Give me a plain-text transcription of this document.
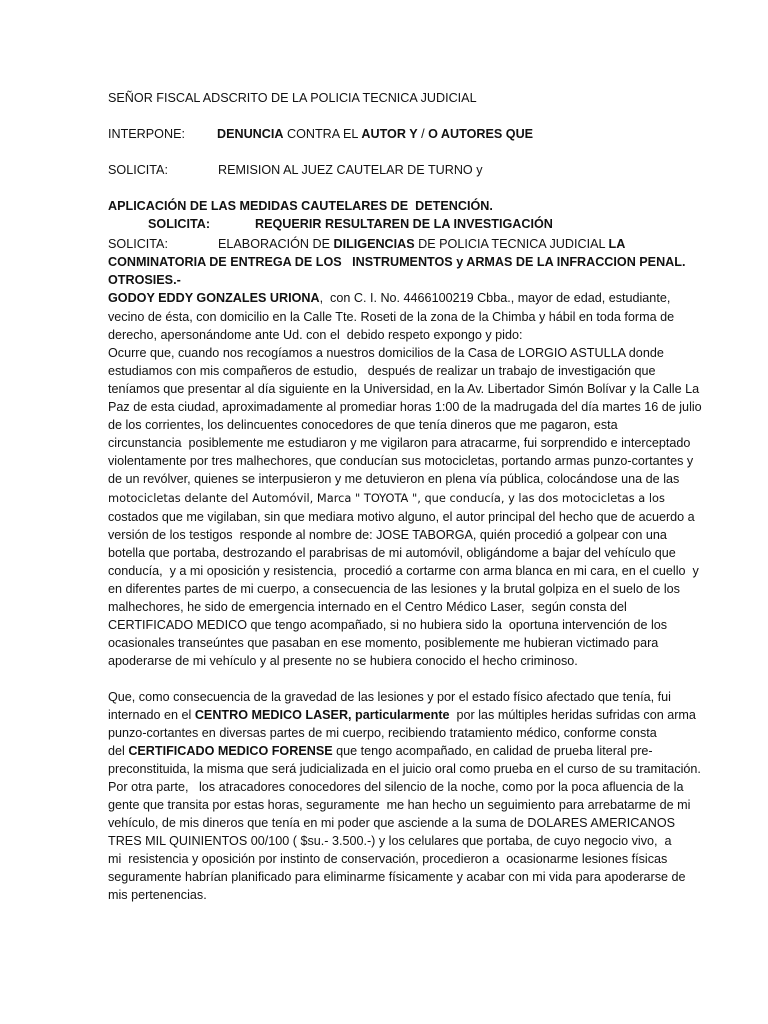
SEÑOR FISCAL ADSCRITO DE LA POLICIA TECNICA JUDICIAL
INTERPONE:	DENUNCIA CONTRA EL AUTOR Y / O AUTORES QUE
SOLICITA:	REMISION AL JUEZ CAUTELAR DE TURNO y
APLICACIÓN DE LAS MEDIDAS CAUTELARES DE  DETENCIÓN.
SOLICITA:	REQUERIR RESULTAREN DE LA INVESTIGACIÓN
SOLICITA:	ELABORACIÓN DE DILIGENCIAS DE POLICIA TECNICA JUDICIAL LA
CONMINATORIA DE ENTREGA DE LOS   INSTRUMENTOS y ARMAS DE LA INFRACCION PENAL.
OTROSIES.-
GODOY EDDY GONZALES URIONA,  con C. I. No. 4466100219 Cbba., mayor de edad, estudiante,
vecino de ésta, con domicilio en la Calle Tte. Roseti de la zona de la Chimba y hábil en toda forma de
derecho, apersonándome ante Ud. con el  debido respeto expongo y pido:
Ocurre que, cuando nos recogíamos a nuestros domicilios de la Casa de LORGIO ASTULLA donde
estudiamos con mis compañeros de estudio,   después de realizar un trabajo de investigación que
teníamos que presentar al día siguiente en la Universidad, en la Av. Libertador Simón Bolívar y la Calle La
Paz de esta ciudad, aproximadamente al promediar horas 1:00 de la madrugada del día martes 16 de julio
de los corrientes, los delincuentes conocedores de que tenía dineros que me pagaron, esta
circunstancia  posiblemente me estudiaron y me vigilaron para atracarme, fui sorprendido e interceptado
violentamente por tres malhechores, que conducían sus motocicletas, portando armas punzo-cortantes y
de un revólver, quienes se interpusieron y me detuvieron en plena vía pública, colocándose una de las
motocicletas delante del Automóvil, Marca " TOYOTA ", que conducía, y las dos motocicletas a los
costados que me vigilaban, sin que mediara motivo alguno, el autor principal del hecho que de acuerdo a
versión de los testigos  responde al nombre de: JOSE TABORGA, quién procedió a golpear con una
botella que portaba, destrozando el parabrisas de mi automóvil, obligándome a bajar del vehículo que
conducía,  y a mi oposición y resistencia,  procedió a cortarme con arma blanca en mi cara, en el cuello  y
en diferentes partes de mi cuerpo, a consecuencia de las lesiones y la brutal golpiza en el suelo de los
malhechores, he sido de emergencia internado en el Centro Médico Laser,  según consta del
CERTIFICADO MEDICO que tengo acompañado, si no hubiera sido la  oportuna intervención de los
ocasionales transeúntes que pasaban en ese momento, posiblemente me hubieran victimado para
apoderarse de mi vehículo y al presente no se hubiera conocido el hecho criminoso.
Que, como consecuencia de la gravedad de las lesiones y por el estado físico afectado que tenía, fui
internado en el CENTRO MEDICO LASER, particularmente  por las múltiples heridas sufridas con arma
punzo-cortantes en diversas partes de mi cuerpo, recibiendo tratamiento médico, conforme consta
del CERTIFICADO MEDICO FORENSE que tengo acompañado, en calidad de prueba literal pre-
preconstituida, la misma que será judicializada en el juicio oral como prueba en el curso de su tramitación.
Por otra parte,   los atracadores conocedores del silencio de la noche, como por la poca afluencia de la
gente que transita por estas horas, seguramente  me han hecho un seguimiento para arrebatarme de mi
vehículo, de mis dineros que tenía en mi poder que asciende a la suma de DOLARES AMERICANOS
TRES MIL QUINIENTOS 00/100 ( $su.- 3.500.-) y los celulares que portaba, de cuyo negocio vivo,  a
mi  resistencia y oposición por instinto de conservación, procedieron a  ocasionarme lesiones físicas
seguramente habrían planificado para eliminarme físicamente y acabar con mi vida para apoderarse de
mis pertenencias.
